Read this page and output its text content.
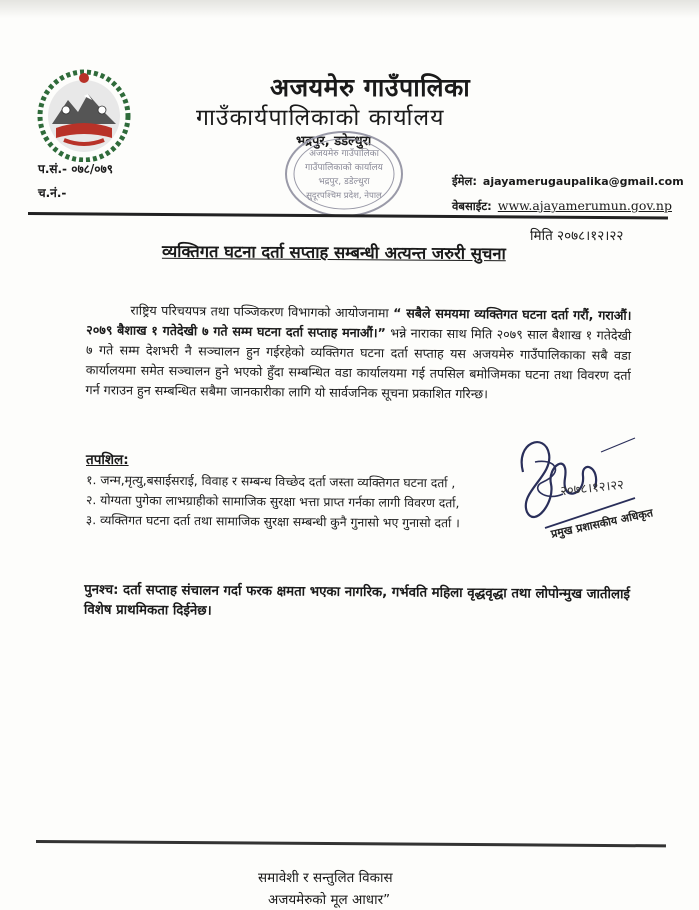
अजयमेरु गाउँपालिका
गाउँकार्यपालिकाको कार्यालय
भद्रपुर, डडेल्धुरा
प.सं.- ०७८/०७९
च.नं.-
अजयमेरु गाउँपालिका
गाउँपालिकाको कार्यालय
भद्रपुर, डडेल्धुरा
सुदूरपश्चिम प्रदेश, नेपाल
ईमेल: ajayamerugaupalika@gmail.com
वेबसाईट: www.ajayamerumun.gov.np
मिति २०७८।१२।२२
व्यक्तिगत घटना दर्ता सप्ताह सम्बन्धी अत्यन्त जरुरी सुचना

राष्ट्रिय परिचयपत्र तथा पञ्जिकरण विभागको आयोजनामा “ सबैले समयमा व्यक्तिगत घटना दर्ता गरौं, गराऔं। २०७९ बैशाख १ गतेदेखी ७ गते सम्म घटना दर्ता सप्ताह मनाऔं।” भन्ने नाराका साथ मिति २०७९ साल बैशाख १ गतेदेखी ७ गते सम्म देशभरी नै सञ्चालन हुन गईरहेको व्यक्तिगत घटना दर्ता सप्ताह यस अजयमेरु गाउँपालिकाका सबै वडा कार्यालयमा समेत सञ्चालन हुने भएको हुँदा सम्बन्धित वडा कार्यालयमा गई तपसिल बमोजिमका घटना तथा विवरण दर्ता गर्न गराउन हुन सम्बन्धित सबैमा जानकारीका लागि यो सार्वजनिक सूचना प्रकाशित गरिन्छ।

तपशिल:
१. जन्म,मृत्यु,बसाईसराई, विवाह र सम्बन्ध विच्छेद दर्ता जस्ता व्यक्तिगत घटना दर्ता ,
२. योग्यता पुगेका लाभग्राहीको सामाजिक सुरक्षा भत्ता प्राप्त गर्नका लागी विवरण दर्ता,
३. व्यक्तिगत घटना दर्ता तथा सामाजिक सुरक्षा सम्बन्धी कुनै गुनासो भए गुनासो दर्ता ।
२०७८।१२।२२
प्रमुख प्रशासकीय अधिकृत

पुनश्च: दर्ता सप्ताह संचालन गर्दा फरक क्षमता भएका नागरिक, गर्भवति महिला वृद्धवृद्धा तथा लोपोन्मुख जातीलाई विशेष प्राथमिकता दिईनेछ।

समावेशी र सन्तुलित विकास
अजयमेरुको मूल आधार”
